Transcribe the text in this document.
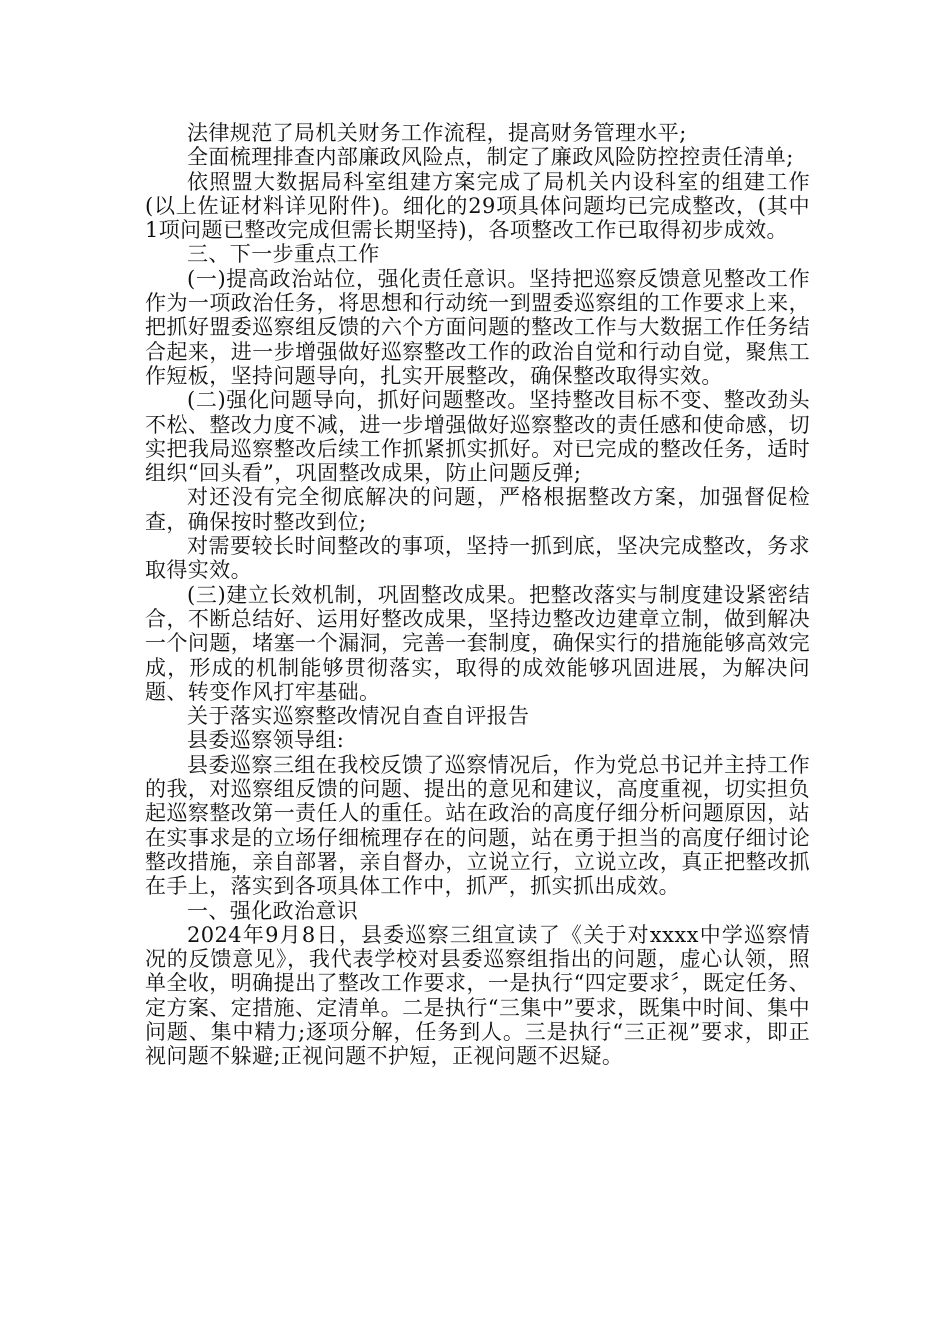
法律规范了局机关财务工作流程，提高财务管理水平;

全面梳理排查内部廉政风险点，制定了廉政风险防控控责任清单;

依照盟大数据局科室组建方案完成了局机关内设科室的组建工作(以上佐证材料详见附件)。细化的29项具体问题均已完成整改，(其中1项问题已整改完成但需长期坚持)，各项整改工作已取得初步成效。

三、下一步重点工作

(一)提高政治站位，强化责任意识。坚持把巡察反馈意见整改工作作为一项政治任务，将思想和行动统一到盟委巡察组的工作要求上来，把抓好盟委巡察组反馈的六个方面问题的整改工作与大数据工作任务结合起来，进一步增强做好巡察整改工作的政治自觉和行动自觉，聚焦工作短板，坚持问题导向，扎实开展整改，确保整改取得实效。

(二)强化问题导向，抓好问题整改。坚持整改目标不变、整改劲头不松、整改力度不减，进一步增强做好巡察整改的责任感和使命感，切实把我局巡察整改后续工作抓紧抓实抓好。对已完成的整改任务，适时组织“回头看”，巩固整改成果，防止问题反弹;

对还没有完全彻底解决的问题，严格根据整改方案，加强督促检查，确保按时整改到位;

对需要较长时间整改的事项，坚持一抓到底，坚决完成整改，务求取得实效。

(三)建立长效机制，巩固整改成果。把整改落实与制度建设紧密结合，不断总结好、运用好整改成果，坚持边整改边建章立制，做到解决一个问题，堵塞一个漏洞，完善一套制度，确保实行的措施能够高效完成，形成的机制能够贯彻落实，取得的成效能够巩固进展，为解决问题、转变作风打牢基础。

关于落实巡察整改情况自查自评报告

县委巡察领导组:

县委巡察三组在我校反馈了巡察情况后，作为党总书记并主持工作的我，对巡察组反馈的问题、提出的意见和建议，高度重视，切实担负起巡察整改第一责任人的重任。站在政治的高度仔细分析问题原因，站在实事求是的立场仔细梳理存在的问题，站在勇于担当的高度仔细讨论整改措施，亲自部署，亲自督办，立说立行，立说立改，真正把整改抓在手上，落实到各项具体工作中，抓严，抓实抓出成效。

一、强化政治意识

2024年9月8日，县委巡察三组宣读了《关于对xxxx中学巡察情况的反馈意见》，我代表学校对县委巡察组指出的问题，虚心认领，照单全收，明确提出了整改工作要求，一是执行“四定要求〞，既定任务、定方案、定措施、定清单。二是执行“三集中”要求，既集中时间、集中问题、集中精力;逐项分解，任务到人。三是执行“三正视”要求，即正视问题不躲避;正视问题不护短，正视问题不迟疑。
